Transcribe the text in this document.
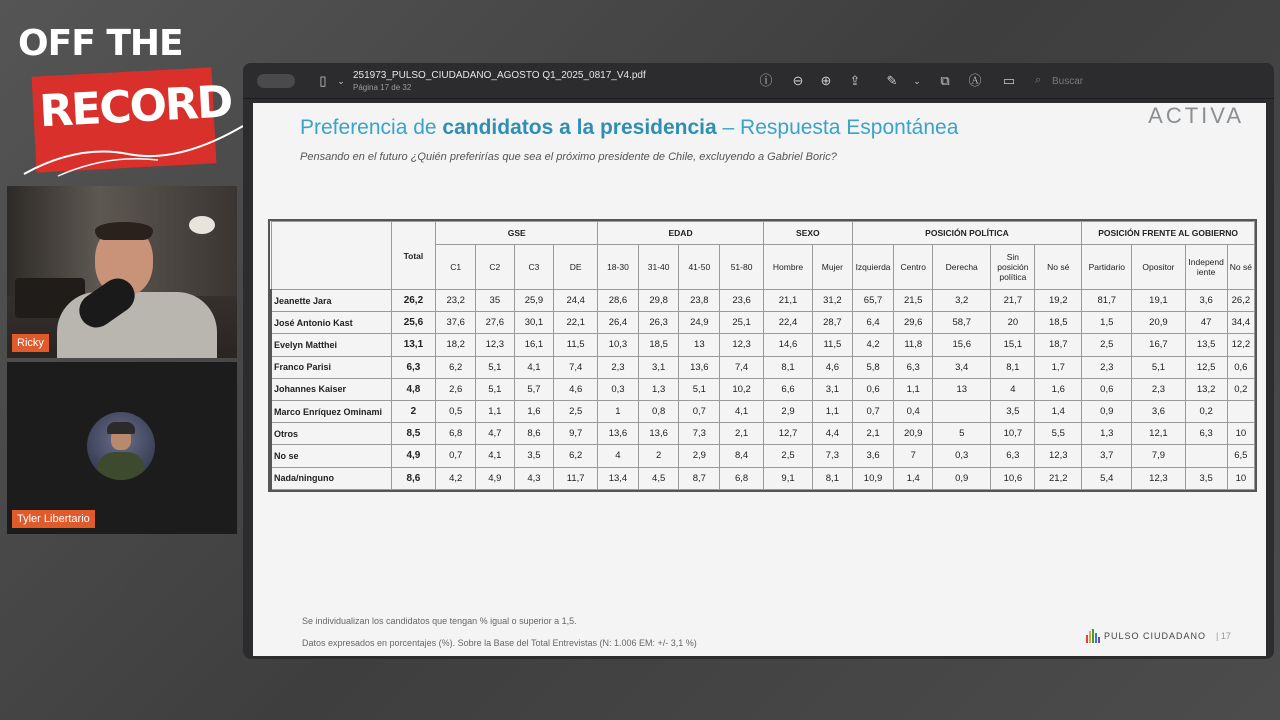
OFF THE
RECORD
Ricky
Tyler Libertario
▯	⌄ 251973_PULSO_CIUDADANO_AGOSTO Q1_2025_0817_V4.pdf
Página 17 de 32	ⓘ	⊖	⊕	⇪	✎	⌄	⧉	Ⓐ ▭	⌕ Buscar
Preferencia de candidatos a la presidencia – Respuesta Espontánea	ACTIVA
Pensando en el futuro ¿Quién preferirías que sea el próximo presidente de Chile, excluyendo a Gabriel Boric?
	Total	GSE				EDAD				SEXO		POSICIÓN POLÍTICA					POSICIÓN FRENTE AL GOBIERNO			
		C1	C2	C3	DE	18-30	31-40	41-50	51-80	Hombre	Mujer	Izquierda	Centro	Derecha	Sin posición política	No sé	Partidario	Opositor	Independ iente	No sé
Jeanette Jara	26,2	23,2	35	25,9	24,4	28,6	29,8	23,8	23,6	21,1	31,2	65,7	21,5	3,2	21,7	19,2	81,7	19,1	3,6	26,2
José Antonio Kast	25,6	37,6	27,6	30,1	22,1	26,4	26,3	24,9	25,1	22,4	28,7	6,4	29,6	58,7	20	18,5	1,5	20,9	47	34,4
Evelyn Matthei	13,1	18,2	12,3	16,1	11,5	10,3	18,5	13	12,3	14,6	11,5	4,2	11,8	15,6	15,1	18,7	2,5	16,7	13,5	12,2
Franco Parisi	6,3	6,2	5,1	4,1	7,4	2,3	3,1	13,6	7,4	8,1	4,6	5,8	6,3	3,4	8,1	1,7	2,3	5,1	12,5	0,6
Johannes Kaiser	4,8	2,6	5,1	5,7	4,6	0,3	1,3	5,1	10,2	6,6	3,1	0,6	1,1	13	4	1,6	0,6	2,3	13,2	0,2
Marco Enríquez Ominami	2	0,5	1,1	1,6	2,5	1	0,8	0,7	4,1	2,9	1,1	0,7	0,4		3,5	1,4	0,9	3,6	0,2	
Otros	8,5	6,8	4,7	8,6	9,7	13,6	13,6	7,3	2,1	12,7	4,4	2,1	20,9	5	10,7	5,5	1,3	12,1	6,3	10
No se	4,9	0,7	4,1	3,5	6,2	4	2	2,9	8,4	2,5	7,3	3,6	7	0,3	6,3	12,3	3,7	7,9		6,5
Nada/ninguno	8,6	4,2	4,9	4,3	11,7	13,4	4,5	8,7	6,8	9,1	8,1	10,9	1,4	0,9	10,6	21,2	5,4	12,3	3,5	10
Se individualizan los candidatos que tengan % igual o superior a 1,5.
Datos expresados en porcentajes (%). Sobre la Base del Total Entrevistas (N: 1.006 EM: +/- 3,1 %)
PULSO CIUDADANO | 17
